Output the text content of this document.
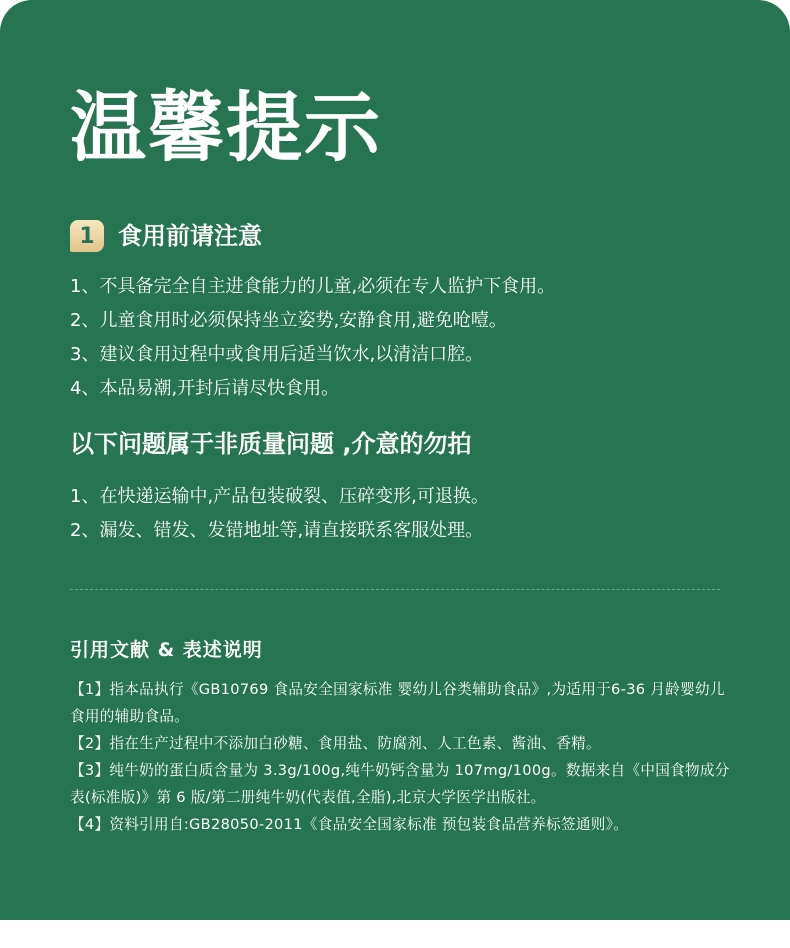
温馨提示
1 食用前请注意
1、不具备完全自主进食能力的儿童,必须在专人监护下食用。
2、儿童食用时必须保持坐立姿势,安静食用,避免呛噎。
3、建议食用过程中或食用后适当饮水,以清洁口腔。
4、本品易潮,开封后请尽快食用。
以下问题属于非质量问题 ,介意的勿拍
1、在快递运输中,产品包装破裂、压碎变形,可退换。
2、漏发、错发、发错地址等,请直接联系客服处理。
引用文献 & 表述说明
【1】指本品执行《GB10769 食品安全国家标准 婴幼儿谷类辅助食品》,为适用于6-36 月龄婴幼儿食用的辅助食品。
【2】指在生产过程中不添加白砂糖、食用盐、防腐剂、人工色素、酱油、香精。
【3】纯牛奶的蛋白质含量为 3.3g/100g,纯牛奶钙含量为 107mg/100g。数据来自《中国食物成分表(标准版)》第 6 版/第二册纯牛奶(代表值,全脂),北京大学医学出版社。
【4】资料引用自:GB28050-2011《食品安全国家标准 预包装食品营养标签通则》。
